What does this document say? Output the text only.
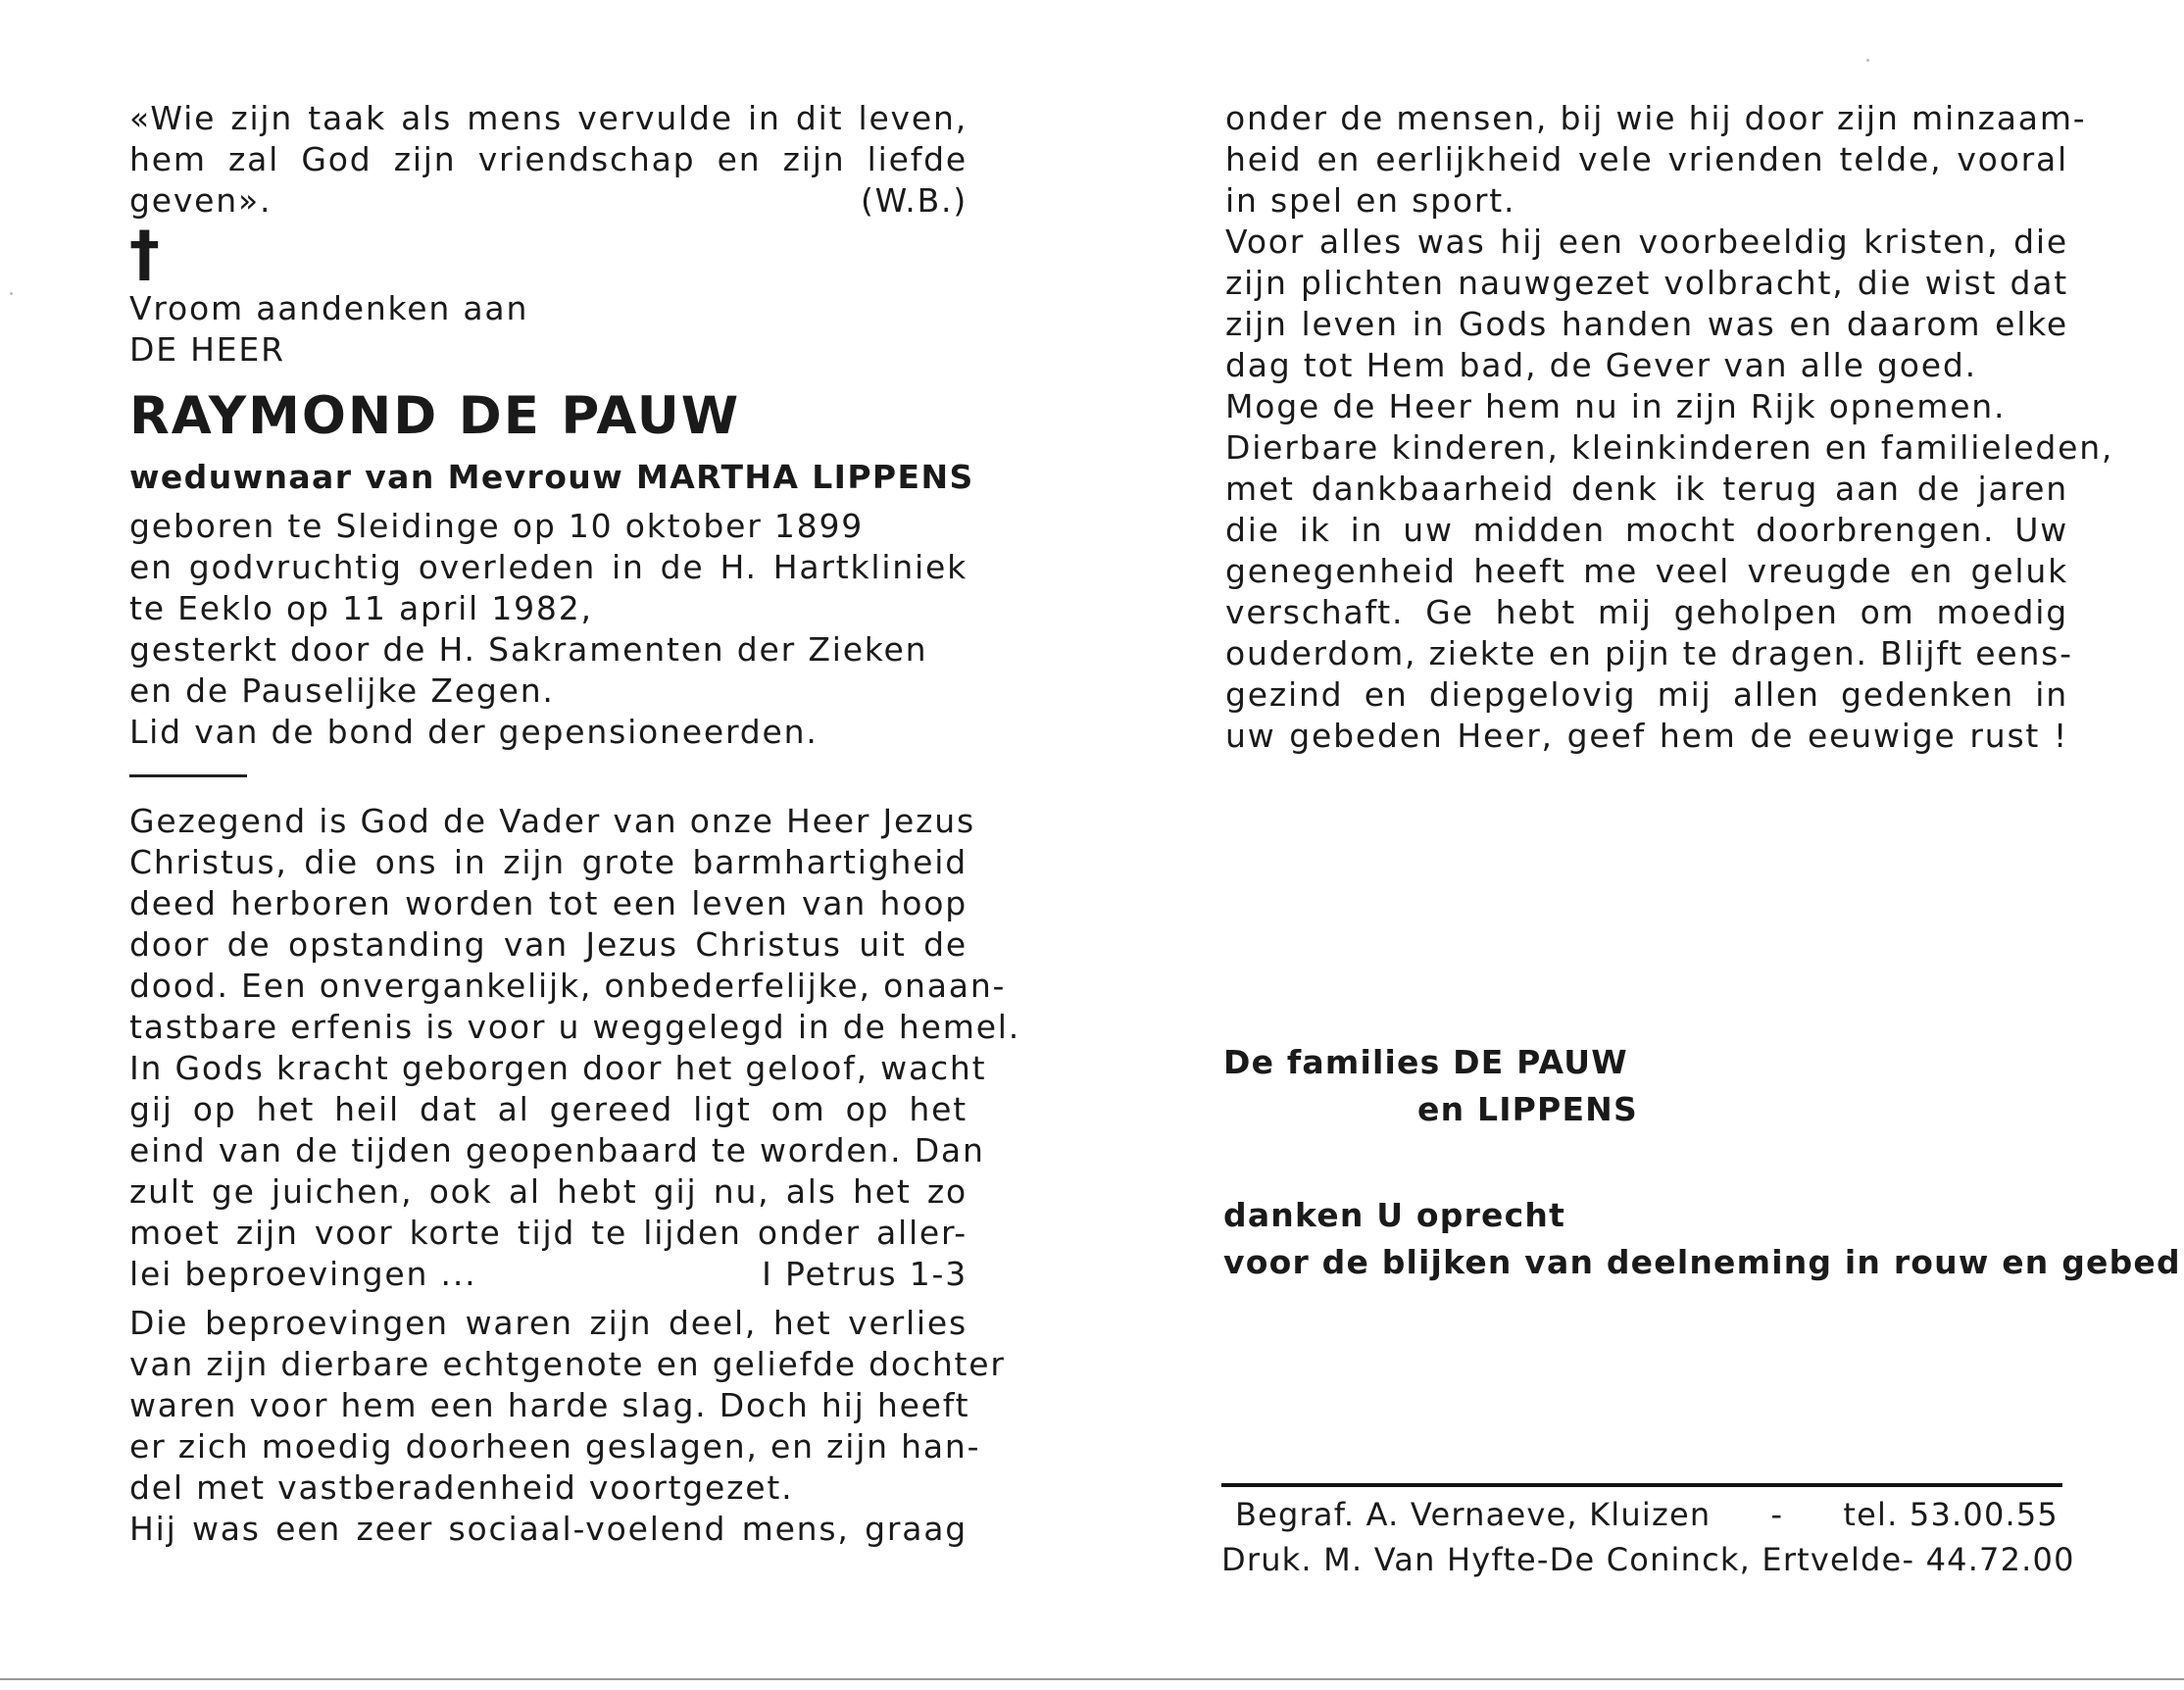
«Wie zijn taak als mens vervulde in dit leven,
hem zal God zijn vriendschap en zijn liefde
geven».	(W.B.)
†
Vroom aandenken aan
DE HEER
RAYMOND DE PAUW
weduwnaar van Mevrouw MARTHA LIPPENS
geboren te Sleidinge op 10 oktober 1899
en godvruchtig overleden in de H. Hartkliniek
te Eeklo op 11 april 1982,
gesterkt door de H. Sakramenten der Zieken
en de Pauselijke Zegen.
Lid van de bond der gepensioneerden.
Gezegend is God de Vader van onze Heer Jezus
Christus, die ons in zijn grote barmhartigheid
deed herboren worden tot een leven van hoop
door de opstanding van Jezus Christus uit de
dood. Een onvergankelijk, onbederfelijke, onaan-
tastbare erfenis is voor u weggelegd in de hemel.
In Gods kracht geborgen door het geloof, wacht
gij op het heil dat al gereed ligt om op het
eind van de tijden geopenbaard te worden. Dan
zult ge juichen, ook al hebt gij nu, als het zo
moet zijn voor korte tijd te lijden onder aller-
lei beproevingen ...	I Petrus 1-3
Die beproevingen waren zijn deel, het verlies
van zijn dierbare echtgenote en geliefde dochter
waren voor hem een harde slag. Doch hij heeft
er zich moedig doorheen geslagen, en zijn han-
del met vastberadenheid voortgezet.
Hij was een zeer sociaal-voelend mens, graag
onder de mensen, bij wie hij door zijn minzaam-
heid en eerlijkheid vele vrienden telde, vooral
in spel en sport.
Voor alles was hij een voorbeeldig kristen, die
zijn plichten nauwgezet volbracht, die wist dat
zijn leven in Gods handen was en daarom elke
dag tot Hem bad, de Gever van alle goed.
Moge de Heer hem nu in zijn Rijk opnemen.
Dierbare kinderen, kleinkinderen en familieleden,
met dankbaarheid denk ik terug aan de jaren
die ik in uw midden mocht doorbrengen. Uw
genegenheid heeft me veel vreugde en geluk
verschaft. Ge hebt mij geholpen om moedig
ouderdom, ziekte en pijn te dragen. Blijft eens-
gezind en diepgelovig mij allen gedenken in
uw gebeden Heer, geef hem de eeuwige rust !
De families DE PAUW
en LIPPENS
danken U oprecht
voor de blijken van deelneming in rouw en gebed
Begraf. A. Vernaeve, Kluizen - tel. 53.00.55
Druk. M. Van Hyfte-De Coninck, Ertvelde - 44.72.00
